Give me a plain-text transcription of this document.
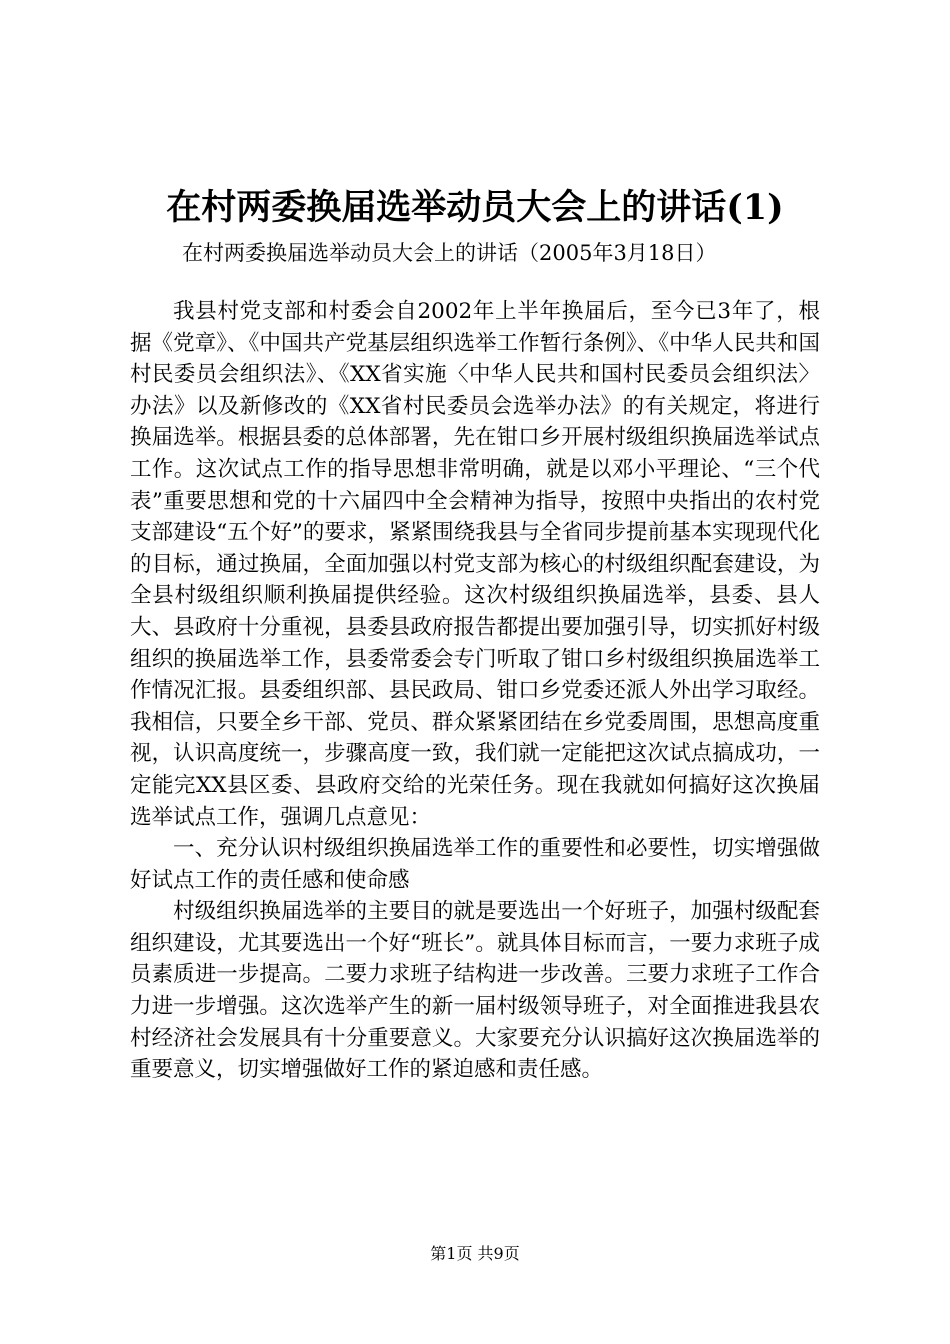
在村两委换届选举动员大会上的讲话(1)
在村两委换届选举动员大会上的讲话（2005年3月18日）

我县村党支部和村委会自2002年上半年换届后，至今已3年了，根据《党章》、《中国共产党基层组织选举工作暂行条例》、《中华人民共和国村民委员会组织法》、《XX省实施〈中华人民共和国村民委员会组织法〉办法》以及新修改的《XX省村民委员会选举办法》的有关规定，将进行换届选举。根据县委的总体部署，先在钳口乡开展村级组织换届选举试点工作。这次试点工作的指导思想非常明确，就是以邓小平理论、“三个代表”重要思想和党的十六届四中全会精神为指导，按照中央指出的农村党支部建设“五个好”的要求，紧紧围绕我县与全省同步提前基本实现现代化的目标，通过换届，全面加强以村党支部为核心的村级组织配套建设，为全县村级组织顺利换届提供经验。这次村级组织换届选举，县委、县人大、县政府十分重视，县委县政府报告都提出要加强引导，切实抓好村级组织的换届选举工作，县委常委会专门听取了钳口乡村级组织换届选举工作情况汇报。县委组织部、县民政局、钳口乡党委还派人外出学习取经。我相信，只要全乡干部、党员、群众紧紧团结在乡党委周围，思想高度重视，认识高度统一，步骤高度一致，我们就一定能把这次试点搞成功，一定能完XX县区委、县政府交给的光荣任务。现在我就如何搞好这次换届选举试点工作，强调几点意见：

一、充分认识村级组织换届选举工作的重要性和必要性，切实增强做好试点工作的责任感和使命感

村级组织换届选举的主要目的就是要选出一个好班子，加强村级配套组织建设，尤其要选出一个好“班长”。就具体目标而言，一要力求班子成员素质进一步提高。二要力求班子结构进一步改善。三要力求班子工作合力进一步增强。这次选举产生的新一届村级领导班子，对全面推进我县农村经济社会发展具有十分重要意义。大家要充分认识搞好这次换届选举的重要意义，切实增强做好工作的紧迫感和责任感。

第1页 共9页
